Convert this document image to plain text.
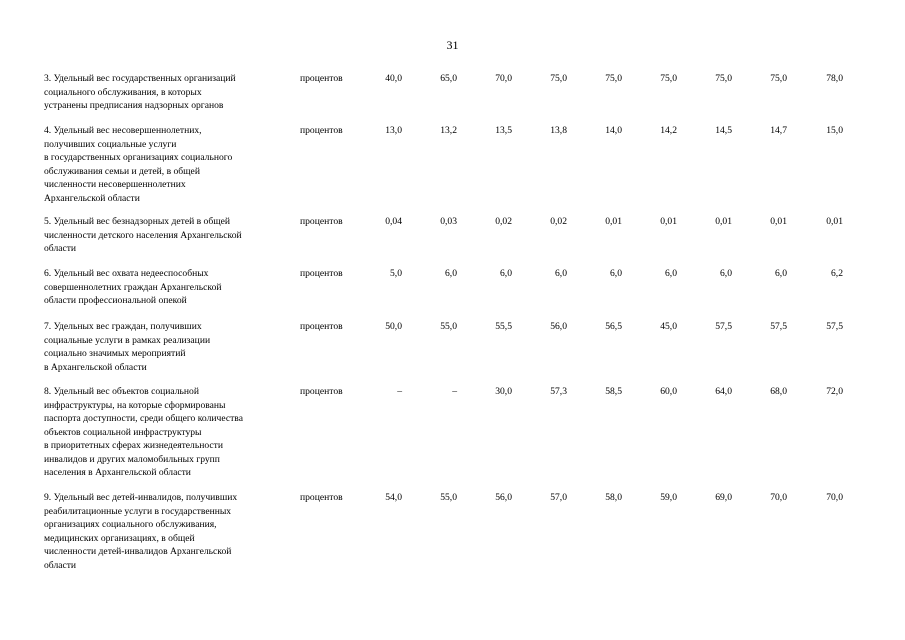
31
3. Удельный вес государственных организаций
социального обслуживания, в которых
устранены предписания надзорных органов
процентов	40,0	65,0	70,0	75,0	75,0	75,0	75,0	75,0	78,0
4. Удельный вес несовершеннолетних,
получивших социальные услуги
в государственных организациях социального
обслуживания семьи и детей, в общей
численности несовершеннолетних
Архангельской области
процентов	13,0	13,2	13,5	13,8	14,0	14,2	14,5	14,7	15,0
5. Удельный вес безнадзорных детей в общей
численности детского населения Архангельской
области
процентов	0,04	0,03	0,02	0,02	0,01	0,01	0,01	0,01	0,01
6. Удельный вес охвата недееспособных
совершеннолетних граждан Архангельской
области профессиональной опекой
процентов	5,0	6,0	6,0	6,0	6,0	6,0	6,0	6,0	6,2
7. Удельных вес граждан, получивших
социальные услуги в рамках реализации
социально значимых мероприятий
в Архангельской области
процентов	50,0	55,0	55,5	56,0	56,5	45,0	57,5	57,5	57,5
8. Удельный вес объектов социальной
инфраструктуры, на которые сформированы
паспорта доступности, среди общего количества
объектов социальной инфраструктуры
в приоритетных сферах жизнедеятельности
инвалидов и других маломобильных групп
населения в Архангельской области
процентов	–	–	30,0	57,3	58,5	60,0	64,0	68,0	72,0
9. Удельный вес детей-инвалидов, получивших
реабилитационные услуги в государственных
организациях социального обслуживания,
медицинских организациях, в общей
численности детей-инвалидов Архангельской
области
процентов	54,0	55,0	56,0	57,0	58,0	59,0	69,0	70,0	70,0
